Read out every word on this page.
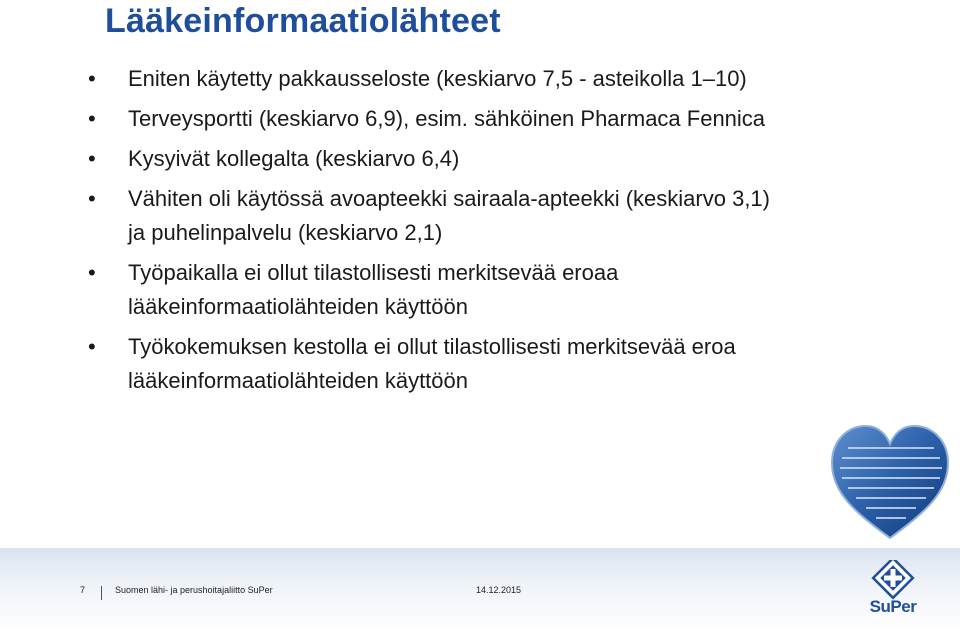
Lääkeinformaatiolähteet
• Eniten käytetty pakkausseloste (keskiarvo 7,5 - asteikolla 1–10)
• Terveysportti (keskiarvo 6,9), esim. sähköinen Pharmaca Fennica
• Kysyivät kollegalta (keskiarvo 6,4)
• Vähiten oli käytössä avoapteekki sairaala-apteekki (keskiarvo 3,1) ja puhelinpalvelu (keskiarvo 2,1)
• Työpaikalla ei ollut tilastollisesti merkitsevää eroaa lääkeinformaatiolähteiden käyttöön
• Työkokemuksen kestolla ei ollut tilastollisesti merkitsevää eroa lääkeinformaatiolähteiden käyttöön
7	Suomen lähi- ja perushoitajaliitto SuPer	14.12.2015
SuPer
